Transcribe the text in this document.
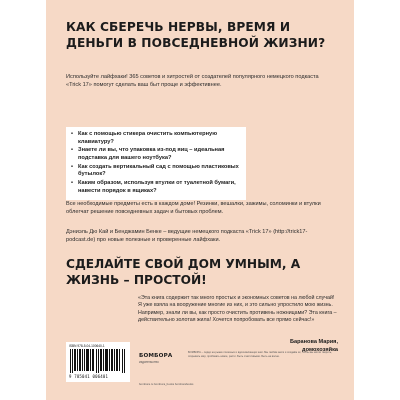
КАК СБЕРЕЧЬ НЕРВЫ, ВРЕМЯ И ДЕНЬГИ В ПОВСЕДНЕВНОЙ ЖИЗНИ?

Используйте лайфхаки! 365 советов и хитростей от создателей популярного немецкого подкаста «Trick 17» помогут сделать ваш быт проще и эффективнее.

• Как с помощью стикера очистить компьютерную клавиатуру?
• Знаете ли вы, что упаковка из-под яиц – идеальная подставка для вашего ноутбука?
• Как создать вертикальный сад с помощью пластиковых бутылок?
• Каким образом, используя втулки от туалетной бумаги, навести порядок в ящиках?

Все необходимые предметы есть в каждом доме! Резинки, вешалки, зажимы, соломинки и втулки облегчат решение повседневных задач и бытовых проблем.

Дэниэль Дю Кай и Бенджамин Бенке – ведущие немецкого подкаста «Trick 17» (http://trick17-podcast.de) про новые полезные и проверенные лайфхаки.

СДЕЛАЙТЕ СВОЙ ДОМ УМНЫМ, А ЖИЗНЬ – ПРОСТОЙ!

«Эта книга содержит так много простых и экономных советов на любой случай! Я уже взяла на вооружение многие из них, и это сильно упростило мою жизнь. Например, знали ли вы, как просто очистить противень ножницами? Эта книга – действительно золотая жила! Хочется попробовать все прямо сейчас!»

Баранова Мария,
домохозяйка
ISBN 978-5-04-100640-1
9 785041 006401
БОМБОРА
издательство

БОМБОРА – лидер на рынке полезных и вдохновляющих книг. Мы любим книги и создаём их, чтобы вы могли творить, открывать мир, пробовать новое, расти. Быть счастливыми. Быть на волне.

bombora.ru bombora_books bomborabooks
